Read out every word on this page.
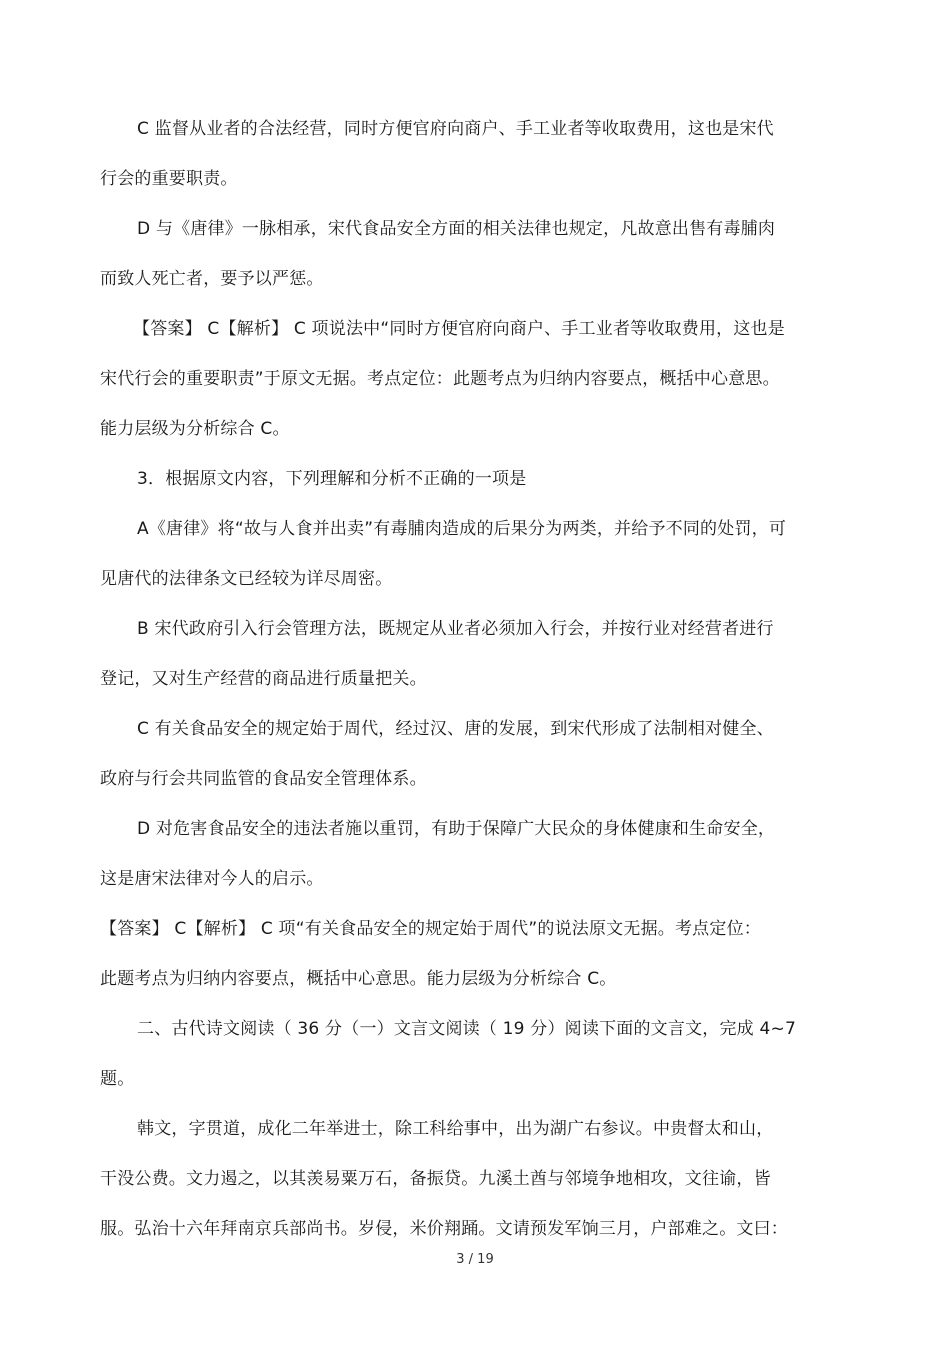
C 监督从业者的合法经营，同时方便官府向商户、手工业者等收取费用，这也是宋代
行会的重要职责。
D 与《唐律》一脉相承，宋代食品安全方面的相关法律也规定，凡故意出售有毒脯肉
而致人死亡者，要予以严惩。
【答案】 C【解析】 C 项说法中“同时方便官府向商户、手工业者等收取费用，这也是
宋代行会的重要职责”于原文无据。考点定位：此题考点为归纳内容要点，概括中心意思。
能力层级为分析综合 C。
3．根据原文内容，下列理解和分析不正确的一项是
A《唐律》将“故与人食并出卖”有毒脯肉造成的后果分为两类，并给予不同的处罚，可
见唐代的法律条文已经较为详尽周密。
B 宋代政府引入行会管理方法，既规定从业者必须加入行会，并按行业对经营者进行
登记，又对生产经营的商品进行质量把关。
C 有关食品安全的规定始于周代，经过汉、唐的发展，到宋代形成了法制相对健全、
政府与行会共同监管的食品安全管理体系。
D 对危害食品安全的违法者施以重罚，有助于保障广大民众的身体健康和生命安全，
这是唐宋法律对今人的启示。
【答案】 C【解析】 C 项“有关食品安全的规定始于周代”的说法原文无据。考点定位：
此题考点为归纳内容要点，概括中心意思。能力层级为分析综合 C。
二、古代诗文阅读（ 36 分（一）文言文阅读（ 19 分）阅读下面的文言文，完成 4~7
题。
韩文，字贯道，成化二年举进士，除工科给事中，出为湖广右参议。中贵督太和山，
干没公费。文力遏之，以其羡易粟万石，备振贷。九溪土酋与邻境争地相攻，文往谕，皆
服。弘治十六年拜南京兵部尚书。岁侵，米价翔踊。文请预发军饷三月，户部难之。文曰：
3 / 19
